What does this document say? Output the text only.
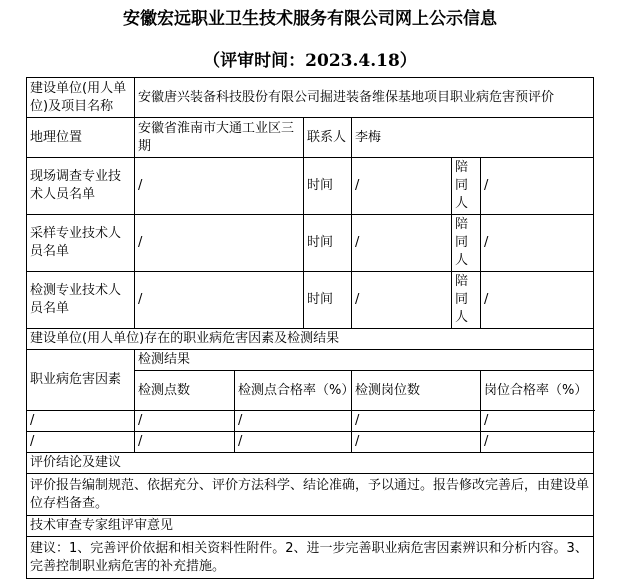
安徽宏远职业卫生技术服务有限公司网上公示信息
（评审时间：2023.4.18）
建设单位(用人单位)及项目名称	安徽唐兴装备科技股份有限公司掘进装备维保基地项目职业病危害预评价					
地理位置	安徽省淮南市大通工业区三期		联系人	李梅		
现场调查专业技术人员名单	/		时间	/	陪同人	/
采样专业技术人员名单	/		时间	/	陪同人	/
检测专业技术人员名单	/		时间	/	陪同人	/
建设单位(用人单位)存在的职业病危害因素及检测结果						
职业病危害因素	检测结果					
	检测点数	检测点合格率（%）		检测岗位数		岗位合格率（%）
/	/	/		/		/
/	/	/		/		/
评价结论及建议						
评价报告编制规范、依据充分、评价方法科学、结论准确，予以通过。报告修改完善后，由建设单位存档备查。						
技术审查专家组评审意见						
建议：1、完善评价依据和相关资料性附件。2、进一步完善职业病危害因素辨识和分析内容。3、完善控制职业病危害的补充措施。						
